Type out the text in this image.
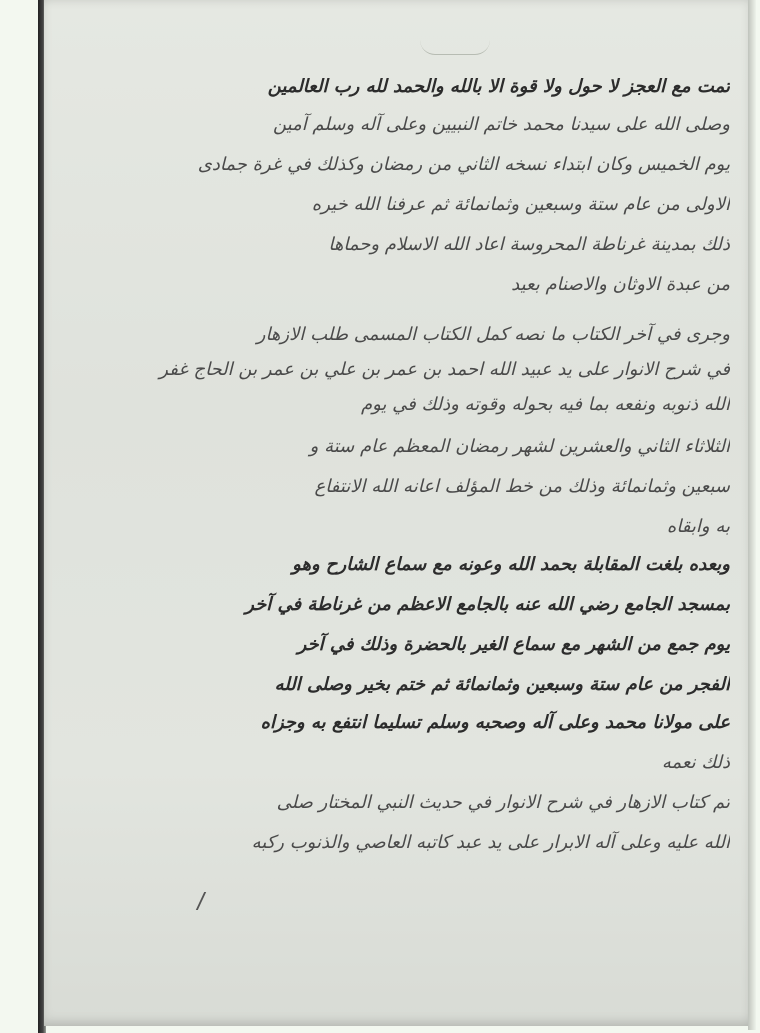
تمت مع العجز لا حول ولا قوة الا بالله والحمد لله رب العالمين
وصلى الله على سيدنا محمد خاتم النبيين وعلى آله وسلم آمين
يوم الخميس وكان ابتداء نسخه الثاني من رمضان وكذلك في غرة جمادى
الاولى من عام ستة وسبعين وثمانمائة ثم عرفنا الله خيره
ذلك بمدينة غرناطة المحروسة اعاد الله الاسلام وحماها
من عبدة الاوثان والاصنام بعيد
وجرى في آخر الكتاب ما نصه كمل الكتاب المسمى طلب الازهار
في شرح الانوار على يد عبيد الله احمد بن عمر بن علي بن عمر بن الحاج غفر
الله ذنوبه ونفعه بما فيه بحوله وقوته وذلك في يوم
الثلاثاء الثاني والعشرين لشهر رمضان المعظم عام ستة و
سبعين وثمانمائة وذلك من خط المؤلف اعانه الله الانتفاع
به وابقاه
وبعده بلغت المقابلة بحمد الله وعونه مع سماع الشارح وهو
بمسجد الجامع رضي الله عنه بالجامع الاعظم من غرناطة في آخر
يوم جمع من الشهر مع سماع الغير بالحضرة وذلك في آخر
الفجر من عام ستة وسبعين وثمانمائة ثم ختم بخير وصلى الله
على مولانا محمد وعلى آله وصحبه وسلم تسليما انتفع به وجزاه
ذلك نعمه
تم كتاب الازهار في شرح الانوار في حديث النبي المختار صلى
الله عليه وعلى آله الابرار على يد عبد كاتبه العاصي والذنوب ركبه
